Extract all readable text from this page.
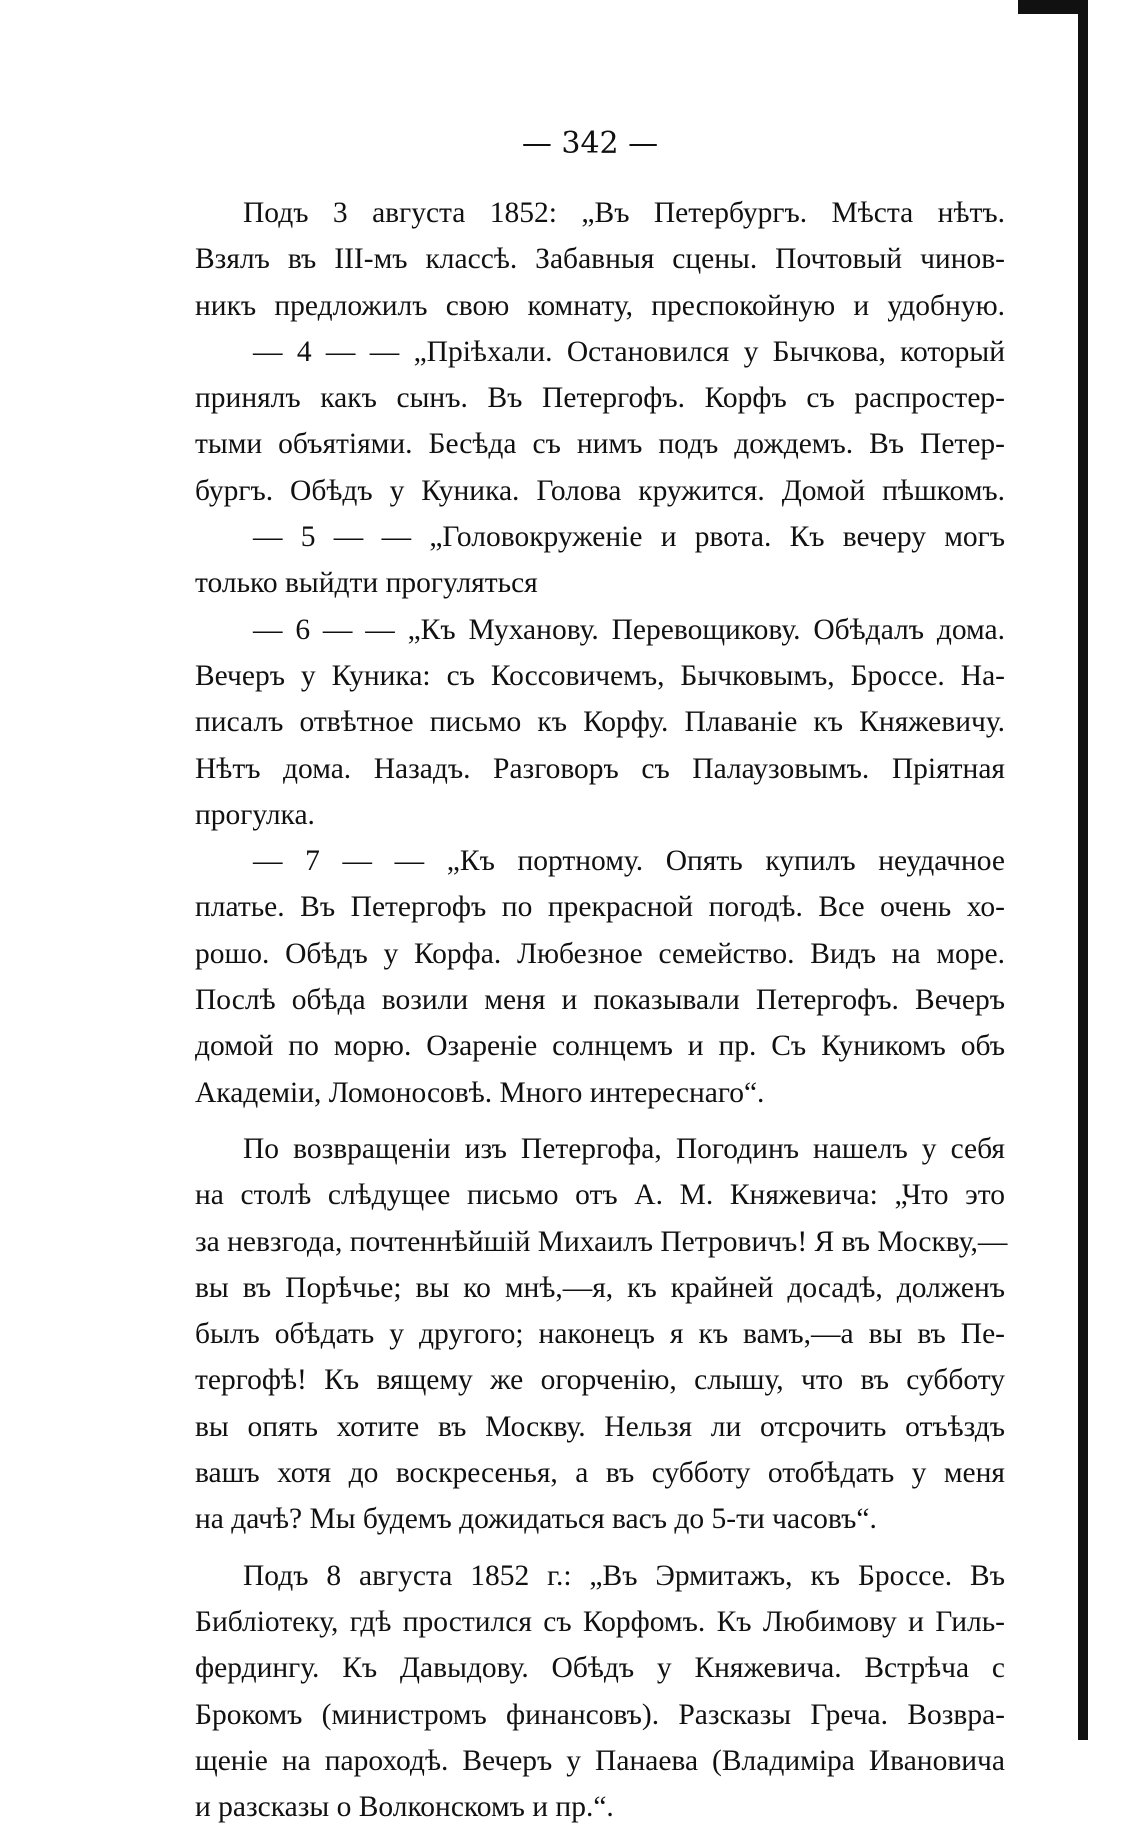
— 342 —
Подъ 3 августа 1852: „Въ Петербургъ. Мѣста нѣтъ.
Взялъ въ III-мъ классѣ. Забавныя сцены. Почтовый чинов-
никъ предложилъ свою комнату, преспокойную и удобную.
— 4 — — „Пріѣхали. Остановился у Бычкова, который
принялъ какъ сынъ. Въ Петергофъ. Корфъ съ распростер-
тыми объятіями. Бесѣда съ нимъ подъ дождемъ. Въ Петер-
бургъ. Обѣдъ у Куника. Голова кружится. Домой пѣшкомъ.
— 5 — — „Головокруженіе и рвота. Къ вечеру могъ
только выйдти прогуляться
— 6 — — „Къ Муханову. Перевощикову. Обѣдалъ дома.
Вечеръ у Куника: съ Коссовичемъ, Бычковымъ, Броссе. На-
писалъ отвѣтное письмо къ Корфу. Плаваніе къ Княжевичу.
Нѣтъ дома. Назадъ. Разговоръ съ Палаузовымъ. Пріятная
прогулка.
— 7 — — „Къ портному. Опять купилъ неудачное
платье. Въ Петергофъ по прекрасной погодѣ. Все очень хо-
рошо. Обѣдъ у Корфа. Любезное семейство. Видъ на море.
Послѣ обѣда возили меня и показывали Петергофъ. Вечеръ
домой по морю. Озареніе солнцемъ и пр. Съ Куникомъ объ
Академіи, Ломоносовѣ. Много интереснаго“.
По возвращеніи изъ Петергофа, Погодинъ нашелъ у себя
на столѣ слѣдущее письмо отъ А. М. Княжевича: „Что это
за невзгода, почтеннѣйшій Михаилъ Петровичъ! Я въ Москву,—
вы въ Порѣчье; вы ко мнѣ,—я, къ крайней досадѣ, долженъ
былъ обѣдать у другого; наконецъ я къ вамъ,—а вы въ Пе-
тергофѣ! Къ вящему же огорченію, слышу, что въ субботу
вы опять хотите въ Москву. Нельзя ли отсрочить отъѣздъ
вашъ хотя до воскресенья, а въ субботу отобѣдать у меня
на дачѣ? Мы будемъ дожидаться васъ до 5-ти часовъ“.
Подъ 8 августа 1852 г.: „Въ Эрмитажъ, къ Броссе. Въ
Библіотеку, гдѣ простился съ Корфомъ. Къ Любимову и Гиль-
фердингу. Къ Давыдову. Обѣдъ у Княжевича. Встрѣча с
Брокомъ (министромъ финансовъ). Разсказы Греча. Возвра-
щеніе на пароходѣ. Вечеръ у Панаева (Владиміра Ивановича
и разсказы о Волконскомъ и пр.“.
